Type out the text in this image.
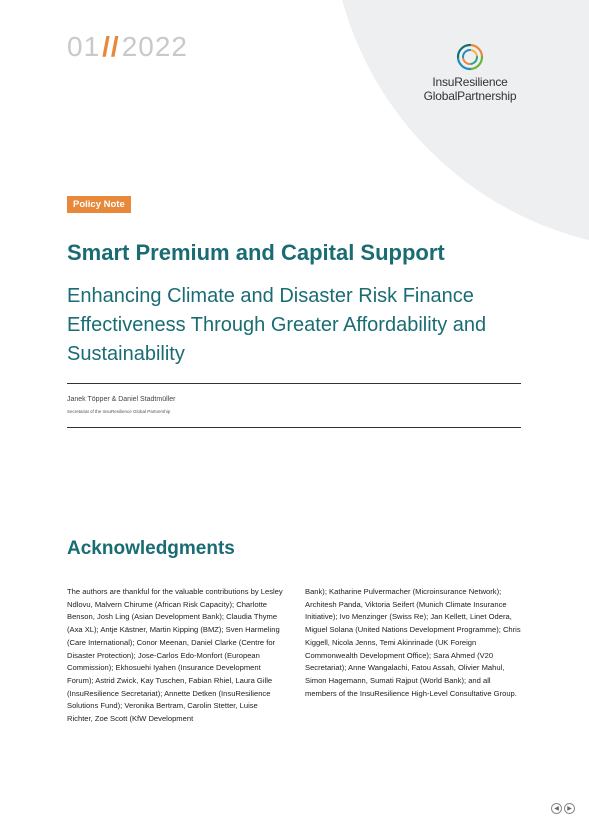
01//2022
InsuResilience
GlobalPartnership
Policy Note
Smart Premium and Capital Support
Enhancing Climate and Disaster Risk Finance Effectiveness Through Greater Affordability and Sustainability
Janek Töpper & Daniel Stadtmüller
Secretariat of the InsuResilience Global Partnership
Acknowledgments

The authors are thankful for the valuable contributions by Lesley Ndlovu, Malvern Chirume (African Risk Capacity); Charlotte Benson, Josh Ling (Asian Development Bank); Claudia Thyme (Axa XL); Antje Kästner, Martin Kipping (BMZ); Sven Harmeling (Care International); Conor Meenan, Daniel Clarke (Centre for Disaster Protection); Jose-Carlos Edo-Monfort (European Commission); Ekhosuehi Iyahen (Insurance Development Forum); Astrid Zwick, Kay Tuschen, Fabian Rhiel, Laura Gille (InsuResilience Secretariat); Annette Detken (InsuResilience Solutions Fund); Veronika Bertram, Carolin Stetter, Luise Richter, Zoe Scott (KfW Development

Bank); Katharine Pulvermacher (Microinsurance Network); Architesh Panda, Viktoria Seifert (Munich Climate Insurance Initiative); Ivo Menzinger (Swiss Re); Jan Kellett, Linet Odera, Miguel Solana (United Nations Development Programme); Chris Kiggell, Nicola Jenns, Temi Akinrinade (UK Foreign Commonwealth Development Office); Sara Ahmed (V20 Secretariat); Anne Wangalachi, Fatou Assah, Olivier Mahul, Simon Hagemann, Sumati Rajput (World Bank); and all members of the InsuResilience High-Level Consultative Group.

◀	▶
